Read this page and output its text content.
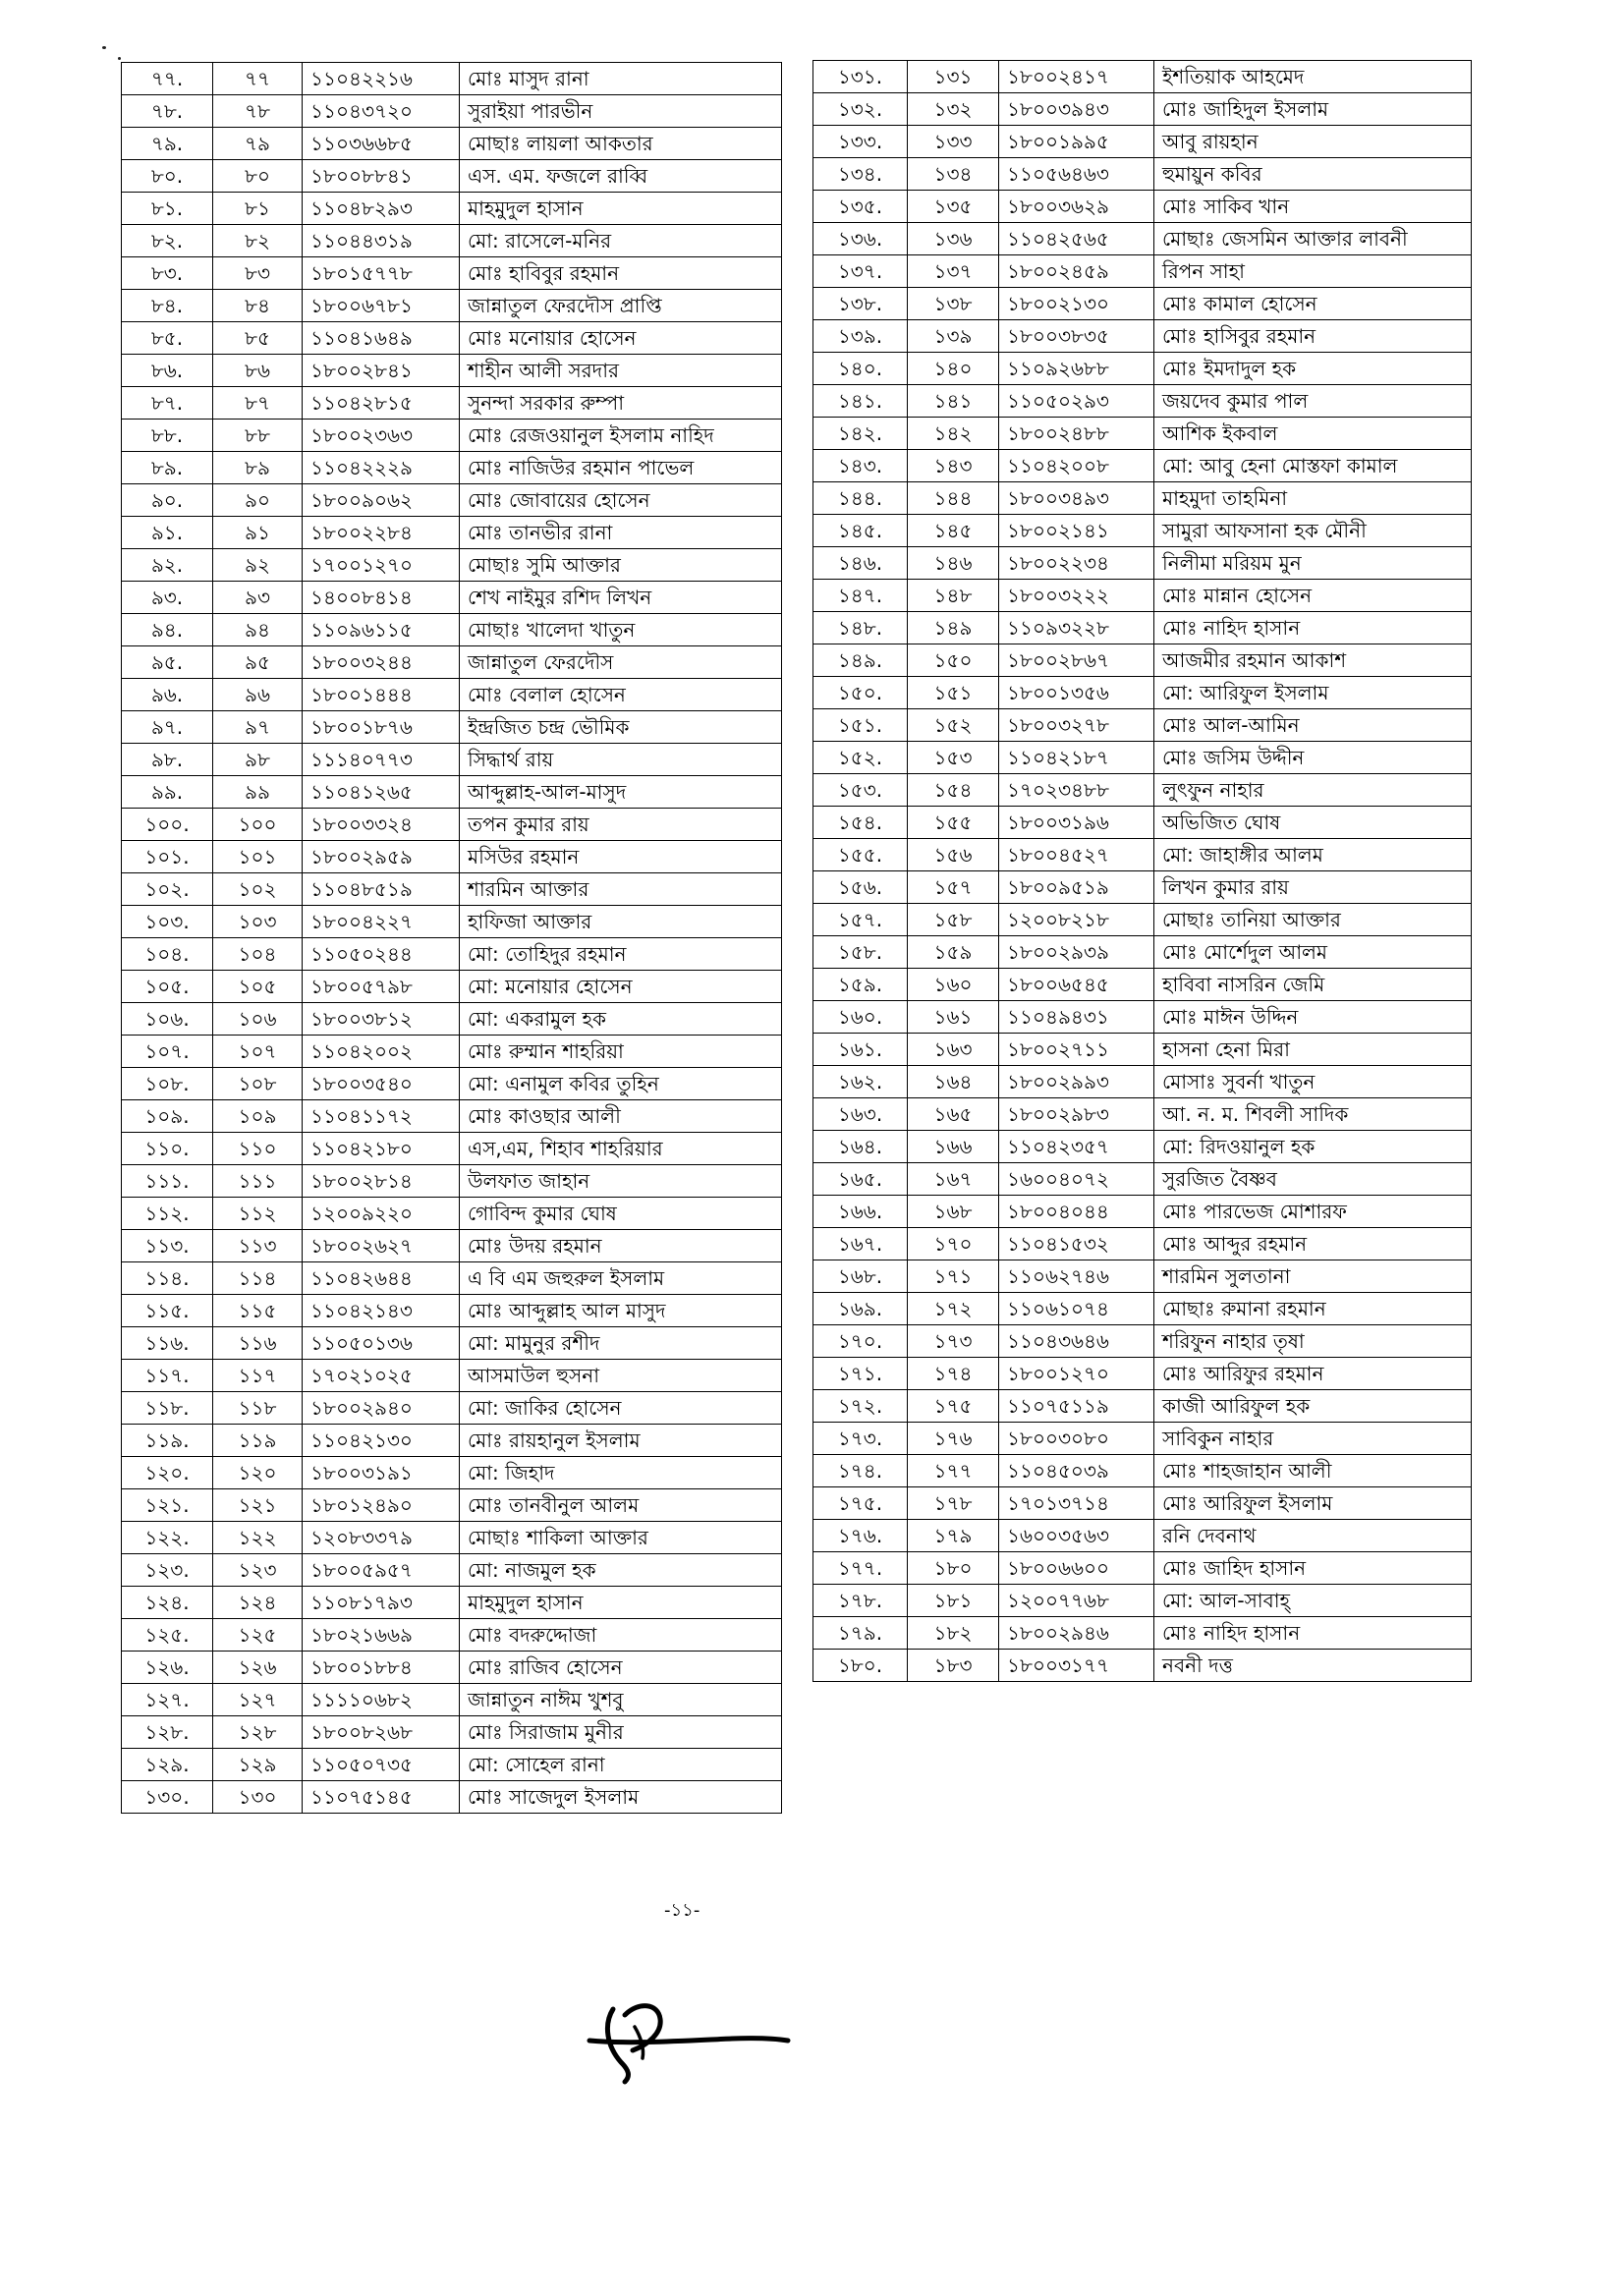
৭৭.	৭৭	১১০৪২২১৬	মোঃ মাসুদ রানা
৭৮.	৭৮	১১০৪৩৭২০	সুরাইয়া পারভীন
৭৯.	৭৯	১১০৩৬৬৮৫	মোছাঃ লায়লা আকতার
৮০.	৮০	১৮০০৮৮৪১	এস. এম. ফজলে রাব্বি
৮১.	৮১	১১০৪৮২৯৩	মাহমুদুল হাসান
৮২.	৮২	১১০৪৪৩১৯	মো: রাসেলে-মনির
৮৩.	৮৩	১৮০১৫৭৭৮	মোঃ হাবিবুর রহমান
৮৪.	৮৪	১৮০০৬৭৮১	জান্নাতুল ফেরদৌস প্রাপ্তি
৮৫.	৮৫	১১০৪১৬৪৯	মোঃ মনোয়ার হোসেন
৮৬.	৮৬	১৮০০২৮৪১	শাহীন আলী সরদার
৮৭.	৮৭	১১০৪২৮১৫	সুনন্দা সরকার রুম্পা
৮৮.	৮৮	১৮০০২৩৬৩	মোঃ রেজওয়ানুল ইসলাম নাহিদ
৮৯.	৮৯	১১০৪২২২৯	মোঃ নাজিউর রহমান পাভেল
৯০.	৯০	১৮০০৯০৬২	মোঃ জোবায়ের হোসেন
৯১.	৯১	১৮০০২২৮৪	মোঃ তানভীর রানা
৯২.	৯২	১৭০০১২৭০	মোছাঃ সুমি আক্তার
৯৩.	৯৩	১৪০০৮৪১৪	শেখ নাইমুর রশিদ লিখন
৯৪.	৯৪	১১০৯৬১১৫	মোছাঃ খালেদা খাতুন
৯৫.	৯৫	১৮০০৩২৪৪	জান্নাতুল ফেরদৌস
৯৬.	৯৬	১৮০০১৪৪৪	মোঃ বেলাল হোসেন
৯৭.	৯৭	১৮০০১৮৭৬	ইন্দ্রজিত চন্দ্র ভৌমিক
৯৮.	৯৮	১১১৪০৭৭৩	সিদ্ধার্থ রায়
৯৯.	৯৯	১১০৪১২৬৫	আব্দুল্লাহ-আল-মাসুদ
১০০.	১০০	১৮০০৩৩২৪	তপন কুমার রায়
১০১.	১০১	১৮০০২৯৫৯	মসিউর রহমান
১০২.	১০২	১১০৪৮৫১৯	শারমিন আক্তার
১০৩.	১০৩	১৮০০৪২২৭	হাফিজা আক্তার
১০৪.	১০৪	১১০৫০২৪৪	মো: তোহিদুর রহমান
১০৫.	১০৫	১৮০০৫৭৯৮	মো: মনোয়ার হোসেন
১০৬.	১০৬	১৮০০৩৮১২	মো: একরামুল হক
১০৭.	১০৭	১১০৪২০০২	মোঃ রুম্মান শাহরিয়া
১০৮.	১০৮	১৮০০৩৫৪০	মো: এনামুল কবির তুহিন
১০৯.	১০৯	১১০৪১১৭২	মোঃ কাওছার আলী
১১০.	১১০	১১০৪২১৮০	এস,এম, শিহাব শাহরিয়ার
১১১.	১১১	১৮০০২৮১৪	উলফাত জাহান
১১২.	১১২	১২০০৯২২০	গোবিন্দ কুমার ঘোষ
১১৩.	১১৩	১৮০০২৬২৭	মোঃ উদয় রহমান
১১৪.	১১৪	১১০৪২৬৪৪	এ বি এম জহুরুল ইসলাম
১১৫.	১১৫	১১০৪২১৪৩	মোঃ আব্দুল্লাহ আল মাসুদ
১১৬.	১১৬	১১০৫০১৩৬	মো: মামুনুর রশীদ
১১৭.	১১৭	১৭০২১০২৫	আসমাউল হুসনা
১১৮.	১১৮	১৮০০২৯৪০	মো: জাকির হোসেন
১১৯.	১১৯	১১০৪২১৩০	মোঃ রায়হানুল ইসলাম
১২০.	১২০	১৮০০৩১৯১	মো: জিহাদ
১২১.	১২১	১৮০১২৪৯০	মোঃ তানবীনুল আলম
১২২.	১২২	১২০৮৩৩৭৯	মোছাঃ শাকিলা আক্তার
১২৩.	১২৩	১৮০০৫৯৫৭	মো: নাজমুল হক
১২৪.	১২৪	১১০৮১৭৯৩	মাহমুদুল হাসান
১২৫.	১২৫	১৮০২১৬৬৯	মোঃ বদরুদ্দোজা
১২৬.	১২৬	১৮০০১৮৮৪	মোঃ রাজিব হোসেন
১২৭.	১২৭	১১১১০৬৮২	জান্নাতুন নাঈম খুশবু
১২৮.	১২৮	১৮০০৮২৬৮	মোঃ সিরাজাম মুনীর
১২৯.	১২৯	১১০৫০৭৩৫	মো: সোহেল রানা
১৩০.	১৩০	১১০৭৫১৪৫	মোঃ সাজেদুল ইসলাম
১৩১.	১৩১	১৮০০২৪১৭	ইশতিয়াক আহমেদ
১৩২.	১৩২	১৮০০৩৯৪৩	মোঃ জাহিদুল ইসলাম
১৩৩.	১৩৩	১৮০০১৯৯৫	আবু রায়হান
১৩৪.	১৩৪	১১০৫৬৪৬৩	হুমায়ুন কবির
১৩৫.	১৩৫	১৮০০৩৬২৯	মোঃ সাকিব খান
১৩৬.	১৩৬	১১০৪২৫৬৫	মোছাঃ জেসমিন আক্তার লাবনী
১৩৭.	১৩৭	১৮০০২৪৫৯	রিপন সাহা
১৩৮.	১৩৮	১৮০০২১৩০	মোঃ কামাল হোসেন
১৩৯.	১৩৯	১৮০০৩৮৩৫	মোঃ হাসিবুর রহমান
১৪০.	১৪০	১১০৯২৬৮৮	মোঃ ইমদাদুল হক
১৪১.	১৪১	১১০৫০২৯৩	জয়দেব কুমার পাল
১৪২.	১৪২	১৮০০২৪৮৮	আশিক ইকবাল
১৪৩.	১৪৩	১১০৪২০০৮	মো: আবু হেনা মোস্তফা কামাল
১৪৪.	১৪৪	১৮০০৩৪৯৩	মাহমুদা তাহমিনা
১৪৫.	১৪৫	১৮০০২১৪১	সামুরা আফসানা হক মৌনী
১৪৬.	১৪৬	১৮০০২২৩৪	নিলীমা মরিয়ম মুন
১৪৭.	১৪৮	১৮০০৩২২২	মোঃ মান্নান হোসেন
১৪৮.	১৪৯	১১০৯৩২২৮	মোঃ নাহিদ হাসান
১৪৯.	১৫০	১৮০০২৮৬৭	আজমীর রহমান আকাশ
১৫০.	১৫১	১৮০০১৩৫৬	মো: আরিফুল ইসলাম
১৫১.	১৫২	১৮০০৩২৭৮	মোঃ আল-আমিন
১৫২.	১৫৩	১১০৪২১৮৭	মোঃ জসিম উদ্দীন
১৫৩.	১৫৪	১৭০২৩৪৮৮	লুৎফুন নাহার
১৫৪.	১৫৫	১৮০০৩১৯৬	অভিজিত ঘোষ
১৫৫.	১৫৬	১৮০০৪৫২৭	মো: জাহাঙ্গীর আলম
১৫৬.	১৫৭	১৮০০৯৫১৯	লিখন কুমার রায়
১৫৭.	১৫৮	১২০০৮২১৮	মোছাঃ তানিয়া আক্তার
১৫৮.	১৫৯	১৮০০২৯৩৯	মোঃ মোর্শেদুল আলম
১৫৯.	১৬০	১৮০০৬৫৪৫	হাবিবা নাসরিন জেমি
১৬০.	১৬১	১১০৪৯৪৩১	মোঃ মাঈন উদ্দিন
১৬১.	১৬৩	১৮০০২৭১১	হাসনা হেনা মিরা
১৬২.	১৬৪	১৮০০২৯৯৩	মোসাঃ সুবর্না খাতুন
১৬৩.	১৬৫	১৮০০২৯৮৩	আ. ন. ম. শিবলী সাদিক
১৬৪.	১৬৬	১১০৪২৩৫৭	মো: রিদওয়ানুল হক
১৬৫.	১৬৭	১৬০০৪০৭২	সুরজিত বৈষ্ণব
১৬৬.	১৬৮	১৮০০৪০৪৪	মোঃ পারভেজ মোশারফ
১৬৭.	১৭০	১১০৪১৫৩২	মোঃ আব্দুর রহমান
১৬৮.	১৭১	১১০৬২৭৪৬	শারমিন সুলতানা
১৬৯.	১৭২	১১০৬১০৭৪	মোছাঃ রুমানা রহমান
১৭০.	১৭৩	১১০৪৩৬৪৬	শরিফুন নাহার তৃষা
১৭১.	১৭৪	১৮০০১২৭০	মোঃ আরিফুর রহমান
১৭২.	১৭৫	১১০৭৫১১৯	কাজী আরিফুল হক
১৭৩.	১৭৬	১৮০০৩০৮০	সাবিকুন নাহার
১৭৪.	১৭৭	১১০৪৫০৩৯	মোঃ শাহজাহান আলী
১৭৫.	১৭৮	১৭০১৩৭১৪	মোঃ আরিফুল ইসলাম
১৭৬.	১৭৯	১৬০০৩৫৬৩	রনি দেবনাথ
১৭৭.	১৮০	১৮০০৬৬০০	মোঃ জাহিদ হাসান
১৭৮.	১৮১	১২০০৭৭৬৮	মো: আল-সাবাহ্
১৭৯.	১৮২	১৮০০২৯৪৬	মোঃ নাহিদ হাসান
১৮০.	১৮৩	১৮০০৩১৭৭	নবনী দত্ত
-১১-
